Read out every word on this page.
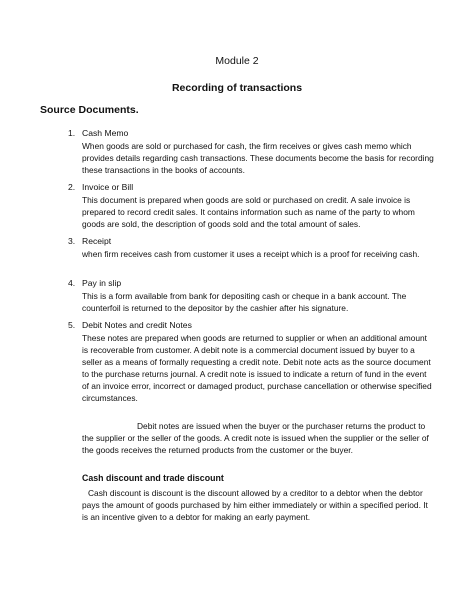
Module 2
Recording of transactions
Source Documents.
1. Cash Memo

When goods are sold or purchased for cash, the firm receives or gives cash memo which provides details regarding cash transactions. These documents become the basis for recording these transactions in the books of accounts.

2. Invoice or Bill

This document is prepared when goods are sold or purchased on credit. A sale invoice is prepared to record credit sales. It contains information such as name of the party to whom goods are sold, the description of goods sold and the total amount of sales.

3. Receipt

when firm receives cash from customer it uses a receipt which is a proof for receiving cash.

4. Pay in slip

This is a form available from bank for depositing cash or cheque in a bank account. The counterfoil is returned to the depositor by the cashier after his signature.

5. Debit Notes and credit Notes

These notes are prepared when goods are returned to supplier or when an additional amount is recoverable from customer. A debit note is a commercial document issued by buyer to a seller as a means of formally requesting a credit note. Debit note acts as the source document to the purchase returns journal. A credit note is issued to indicate a return of fund in the event of an invoice error, incorrect or damaged product, purchase cancellation or otherwise specified circumstances.

Debit notes are issued when the buyer or the purchaser returns the product to the supplier or the seller of the goods. A credit note is issued when the supplier or the seller of the goods receives the returned products from the customer or the buyer.

Cash discount and trade discount

Cash discount is discount is the discount allowed by a creditor to a debtor when the debtor pays the amount of goods purchased by him either immediately or within a specified period. It is an incentive given to a debtor for making an early payment.
